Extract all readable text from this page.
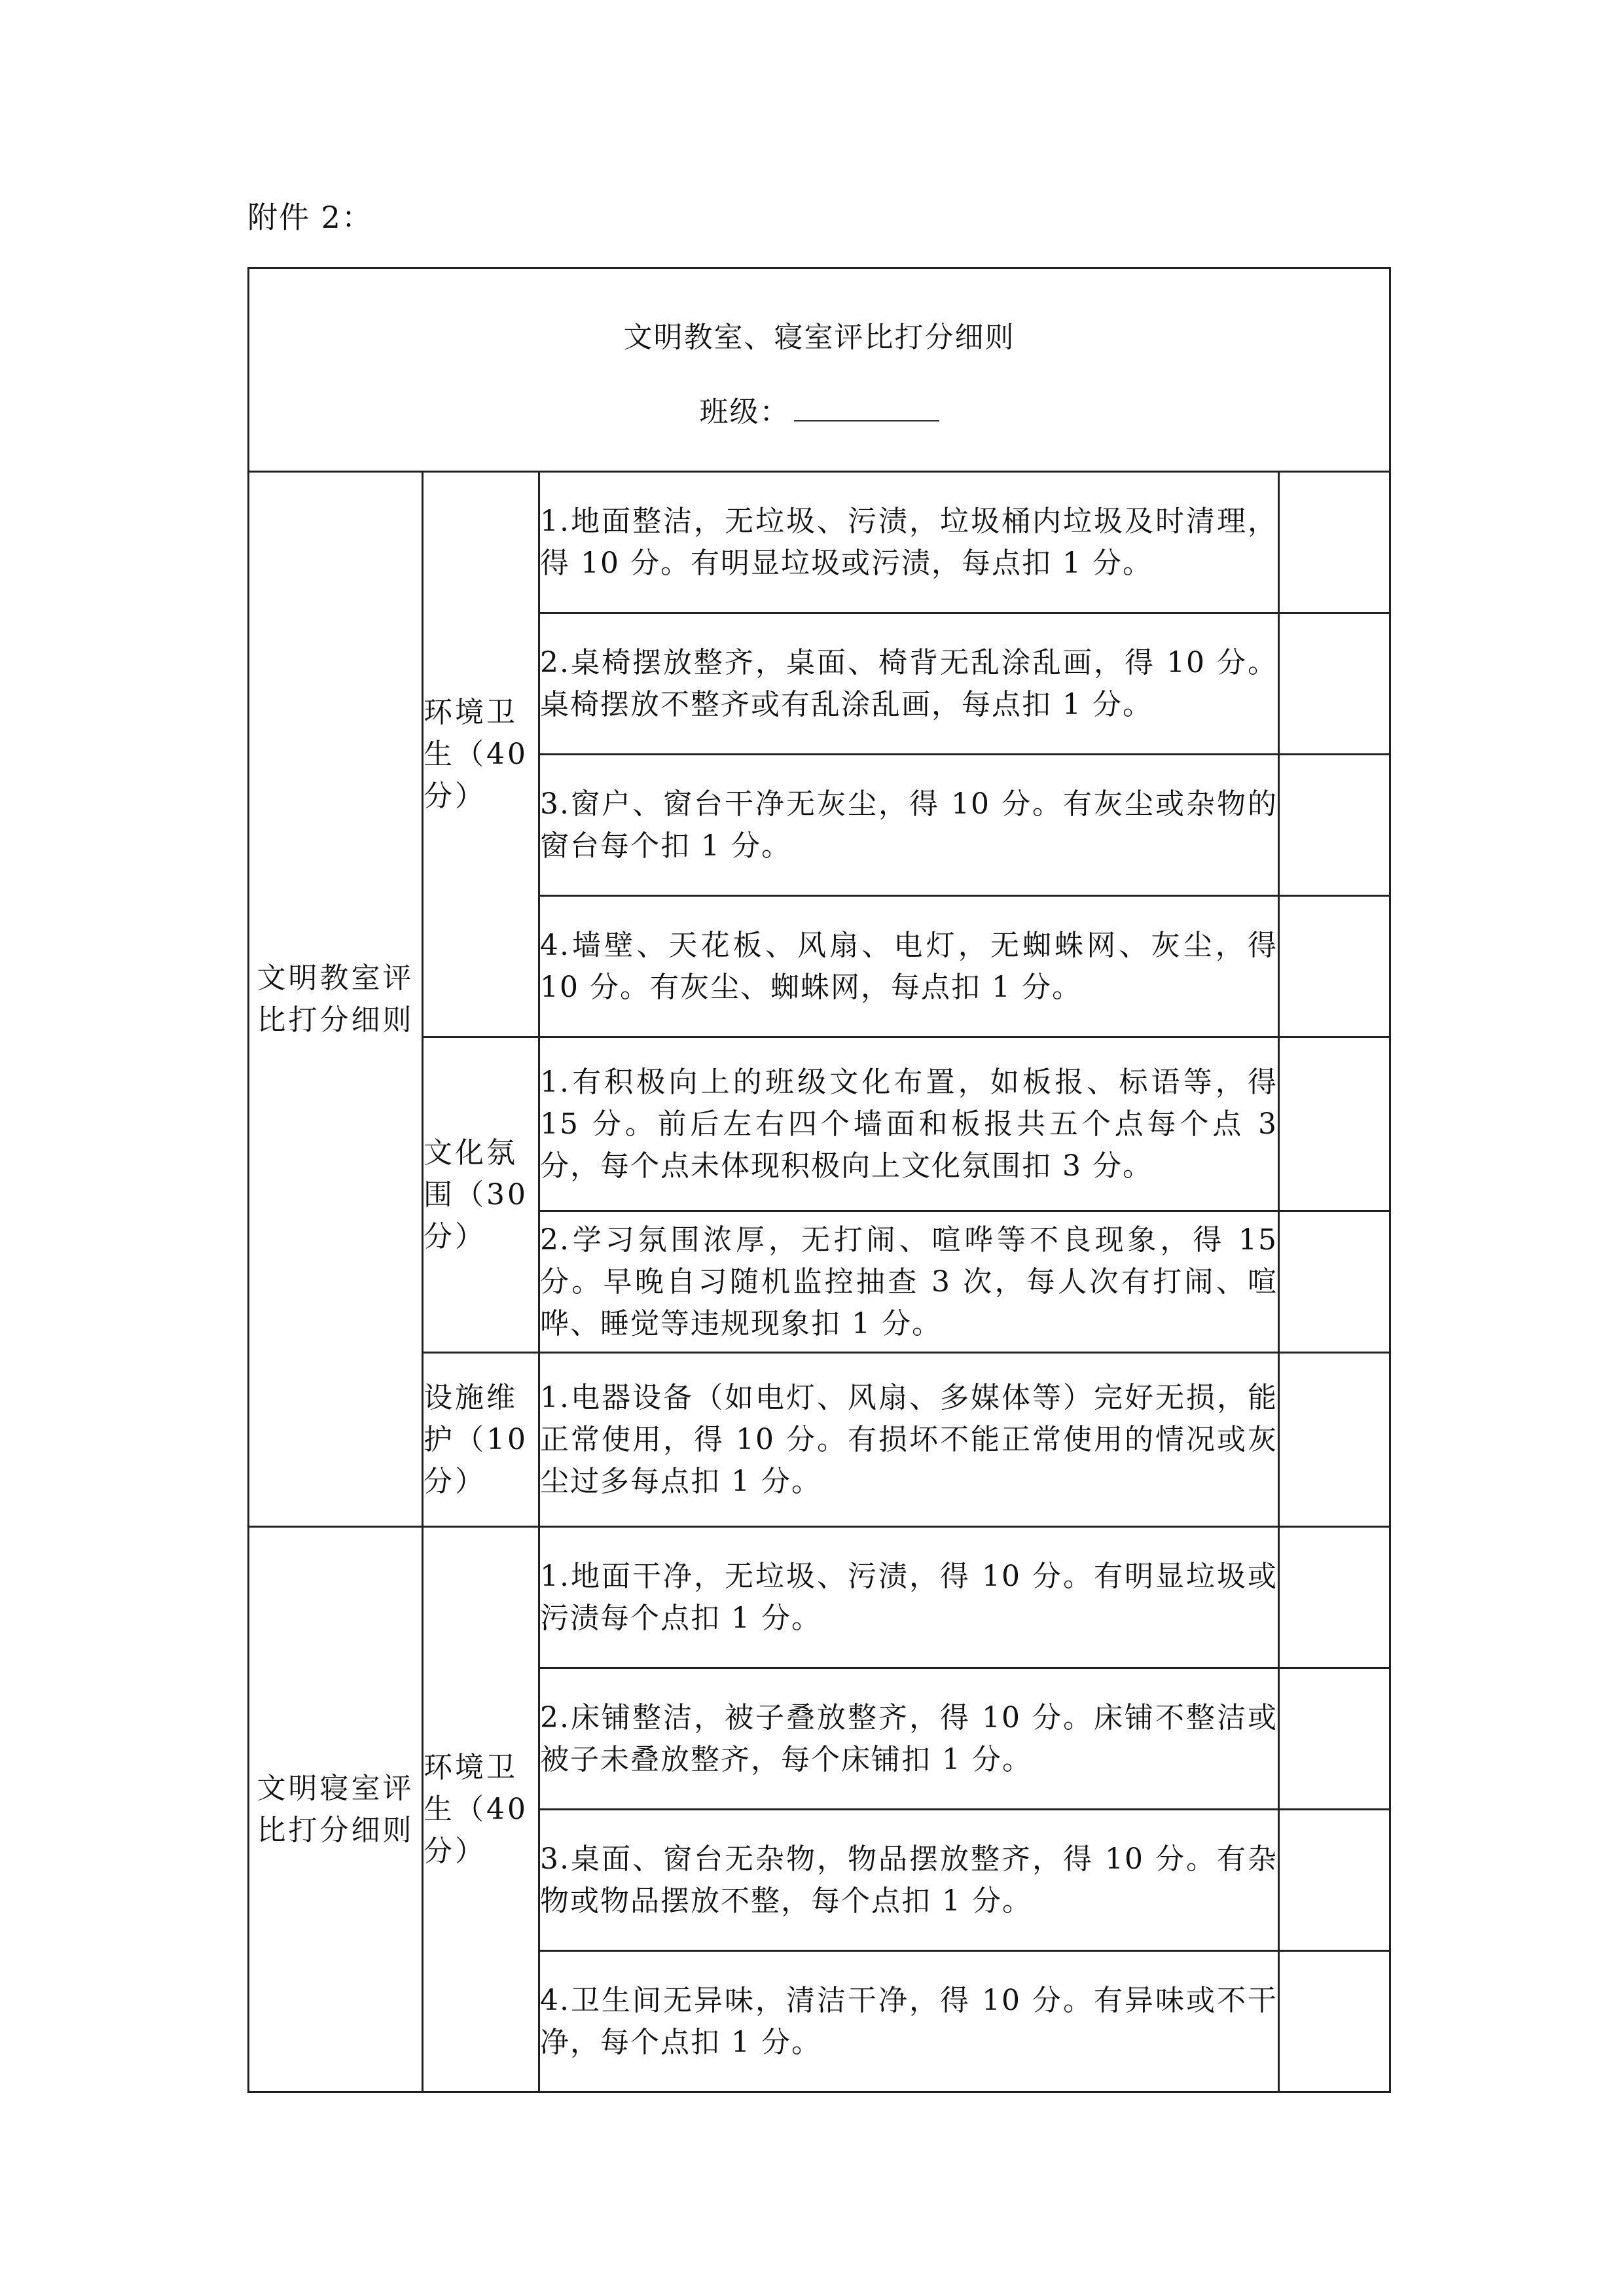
附件 2：
文明教室、寝室评比打分细则
班级：			

文明教室评比打分细则	环境卫生（40分）	1.地面整洁，无垃圾、污渍，垃圾桶内垃圾及时清理，得 10 分。有明显垃圾或污渍，每点扣 1 分。	
		2.桌椅摆放整齐，桌面、椅背无乱涂乱画，得 10 分。桌椅摆放不整齐或有乱涂乱画，每点扣 1 分。	
		3.窗户、窗台干净无灰尘，得 10 分。有灰尘或杂物的窗台每个扣 1 分。	
		4.墙壁、天花板、风扇、电灯，无蜘蛛网、灰尘，得 10 分。有灰尘、蜘蛛网，每点扣 1 分。	
	文化氛围（30分）	1.有积极向上的班级文化布置，如板报、标语等，得 15 分。前后左右四个墙面和板报共五个点每个点 3 分，每个点未体现积极向上文化氛围扣 3 分。	
		2.学习氛围浓厚，无打闹、喧哗等不良现象，得 15 分。早晚自习随机监控抽查 3 次，每人次有打闹、喧哗、睡觉等违规现象扣 1 分。	
	设施维护（10分）	1.电器设备（如电灯、风扇、多媒体等）完好无损，能正常使用，得 10 分。有损坏不能正常使用的情况或灰尘过多每点扣 1 分。	
文明寝室评比打分细则	环境卫生（40分）	1.地面干净，无垃圾、污渍，得 10 分。有明显垃圾或污渍每个点扣 1 分。	
		2.床铺整洁，被子叠放整齐，得 10 分。床铺不整洁或被子未叠放整齐，每个床铺扣 1 分。	
		3.桌面、窗台无杂物，物品摆放整齐，得 10 分。有杂物或物品摆放不整，每个点扣 1 分。	
		4.卫生间无异味，清洁干净，得 10 分。有异味或不干净，每个点扣 1 分。	
